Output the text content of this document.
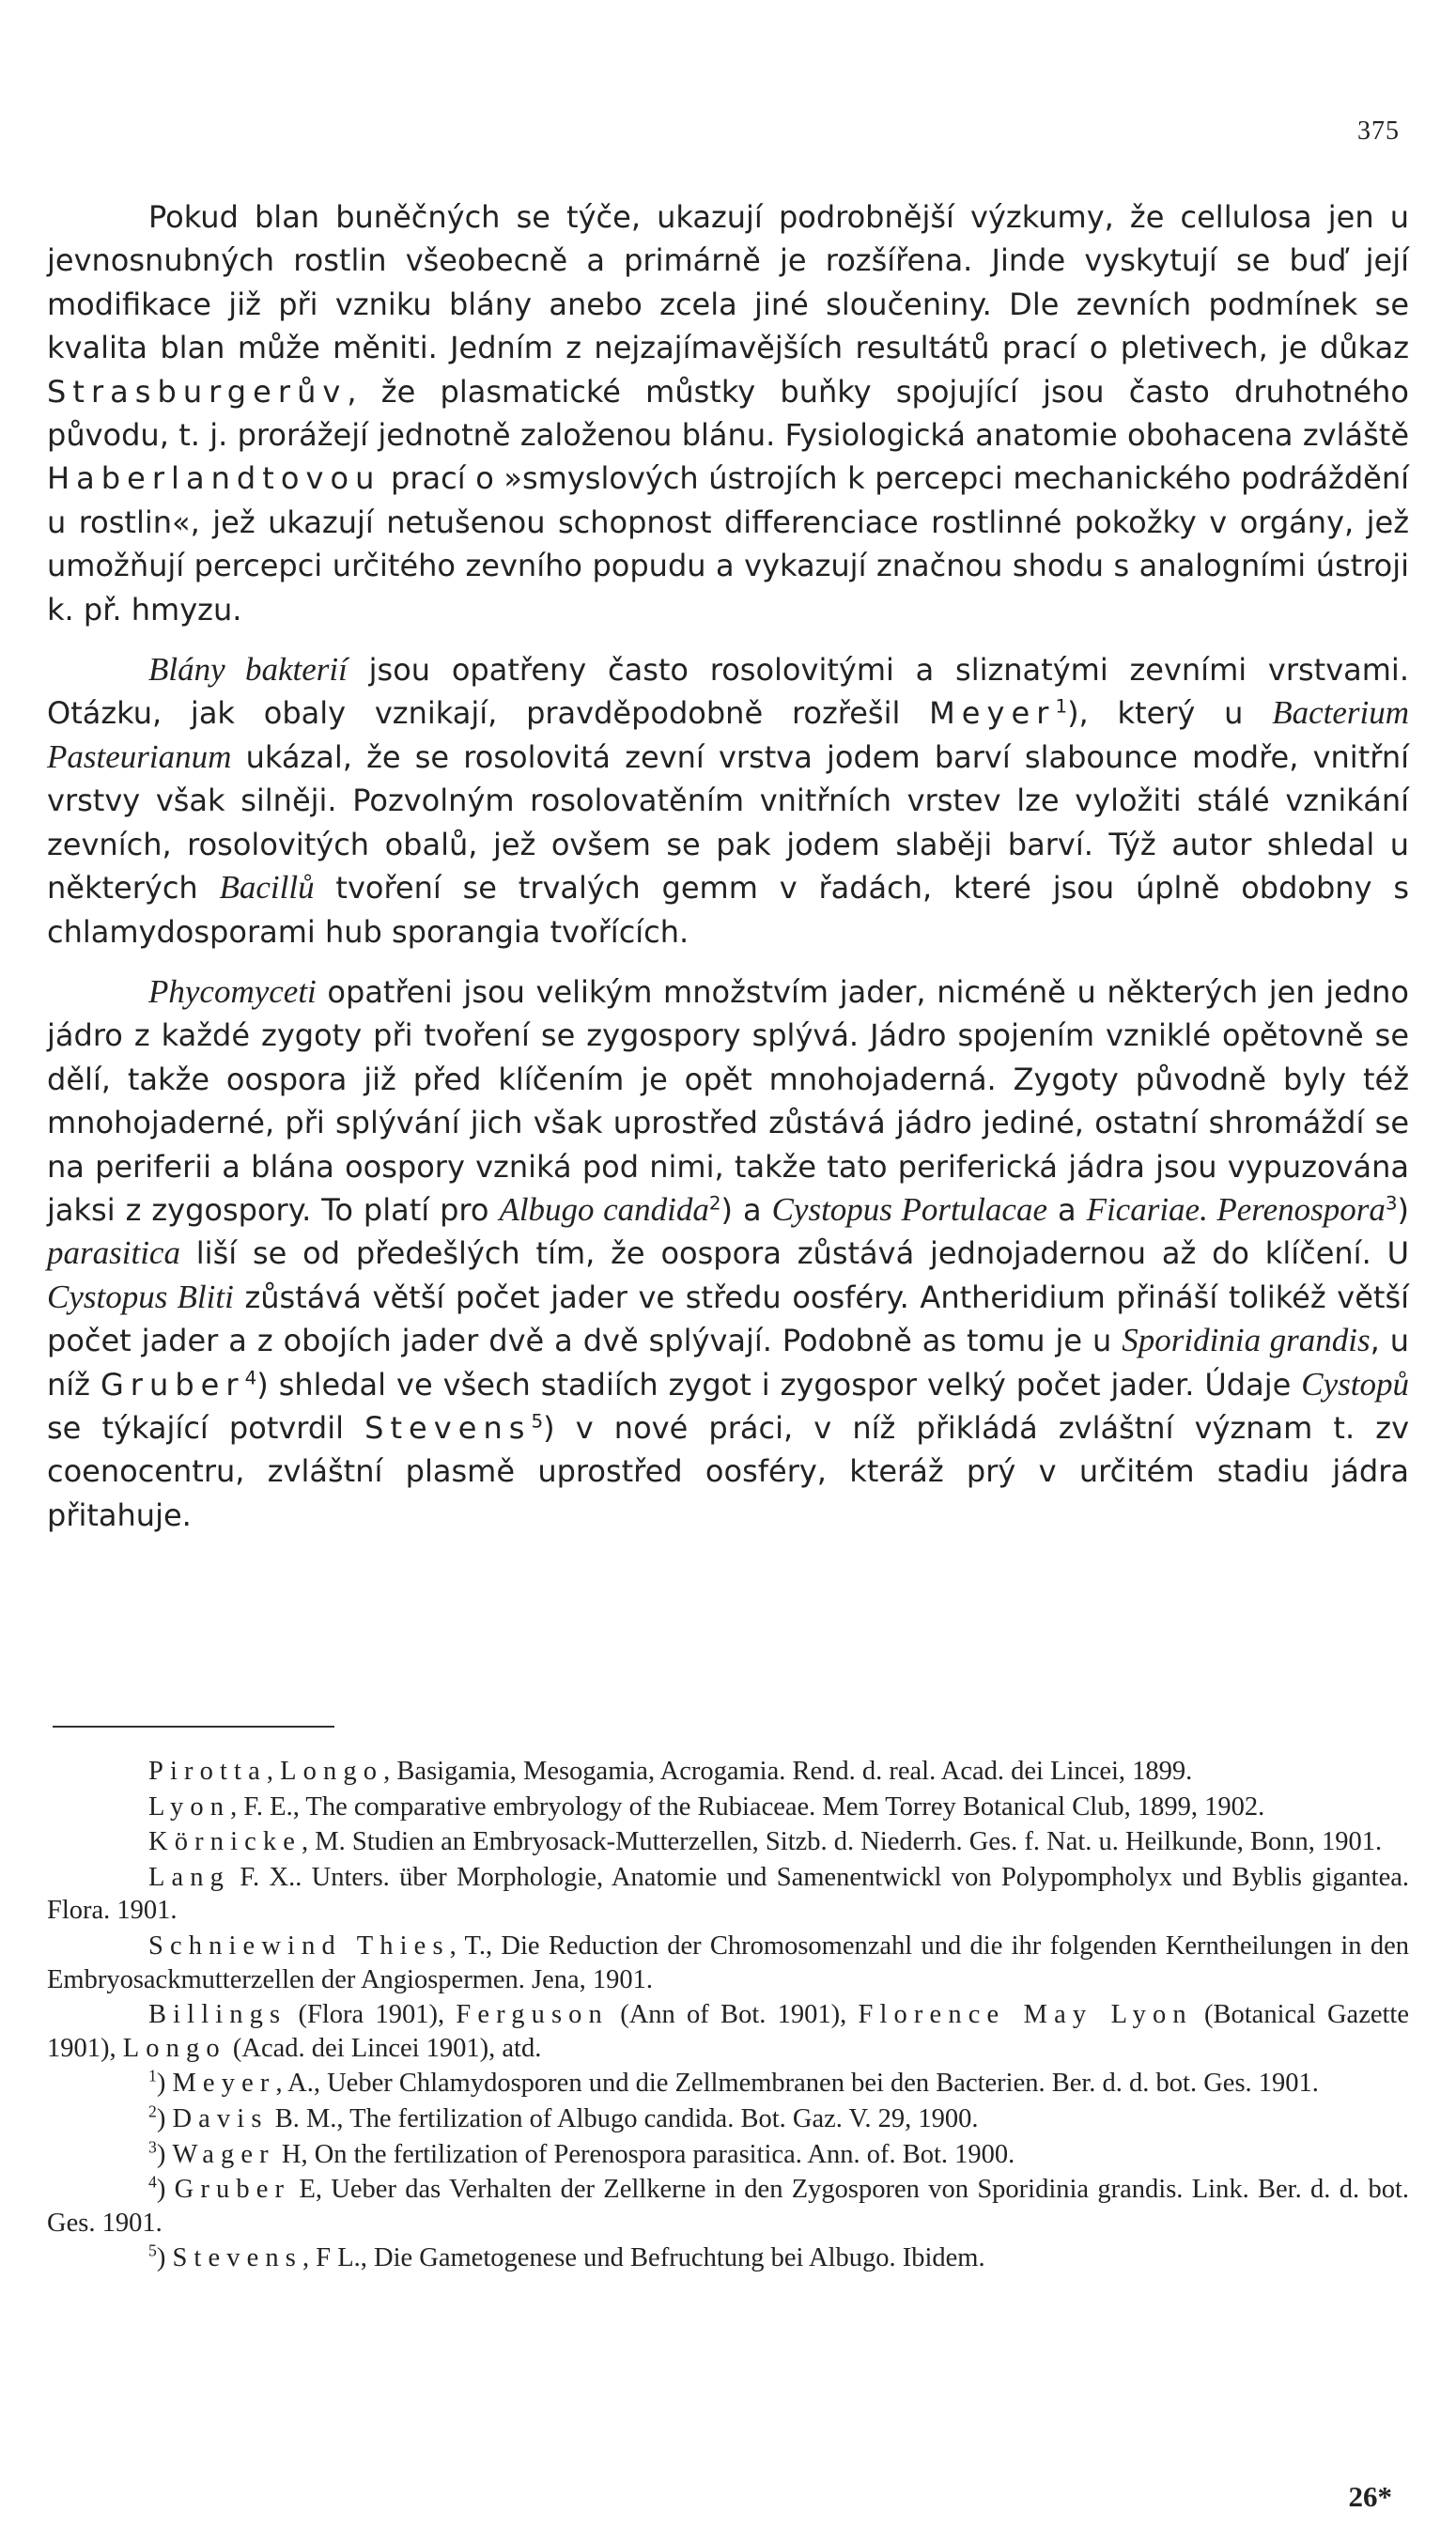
375

Pokud blan buněčných se týče, ukazují podrobnější výzkumy, že cellulosa jen u jevnosnubných rostlin všeobecně a primárně je rozšířena. Jinde vyskytují se buď její modifikace již při vzniku blány anebo zcela jiné sloučeniny. Dle zevních podmínek se kvalita blan může měniti. Jedním z nejzajímavějších resultátů prací o pletivech, je důkaz Strasburgerův, že plasmatické můstky buňky spojující jsou často druhotného původu, t. j. prorážejí jednotně založenou blánu. Fysiologická anatomie obohacena zvláště Haberlandtovou prací o »smyslových ústrojích k percepci mechanického podráždění u rostlin«, jež ukazují netušenou schopnost differenciace rostlinné pokožky v orgány, jež umožňují percepci určitého zevního popudu a vykazují značnou shodu s analogními ústroji k. př. hmyzu.

Blány bakterií jsou opatřeny často rosolovitými a sliznatými zevními vrstvami. Otázku, jak obaly vznikají, pravděpodobně rozřešil Meyer$^1$), který u Bacterium Pasteurianum ukázal, že se rosolovitá zevní vrstva jodem barví slabounce modře, vnitřní vrstvy však silněji. Pozvolným rosolovatěním vnitřních vrstev lze vyložiti stálé vznikání zevních, rosolovitých obalů, jež ovšem se pak jodem slaběji barví. Týž autor shledal u některých Bacillů tvoření se trvalých gemm v řadách, které jsou úplně obdobny s chlamydosporami hub sporangia tvořících.

Phycomyceti opatřeni jsou velikým množstvím jader, nicméně u některých jen jedno jádro z každé zygoty při tvoření se zygospory splývá. Jádro spojením vzniklé opětovně se dělí, takže oospora již před klíčením je opět mnohojaderná. Zygoty původně byly též mnohojaderné, při splývání jich však uprostřed zůstává jádro jediné, ostatní shromáždí se na periferii a blána oospory vzniká pod nimi, takže tato periferická jádra jsou vypuzována jaksi z zygospory. To platí pro Albugo candida$^2$) a Cystopus Portulacae a Ficariae. Perenospora$^3$) parasitica liší se od předešlých tím, že oospora zůstává jednojadernou až do klíčení. U Cystopus Bliti zůstává větší počet jader ve středu oosféry. Antheridium přináší tolikéž větší počet jader a z obojích jader dvě a dvě splývají. Podobně as tomu je u Sporidinia grandis, u níž Gruber$^4$) shledal ve všech stadiích zygot i zygospor velký počet jader. Údaje Cystopů se týkající potvrdil Stevens$^5$) v nové práci, v níž přikládá zvláštní význam t. zv coenocentru, zvláštní plasmě uprostřed oosféry, kteráž prý v určitém stadiu jádra přitahuje.

Pirotta, Longo, Basigamia, Mesogamia, Acrogamia. Rend. d. real. Acad. dei Lincei, 1899.

Lyon, F. E., The comparative embryology of the Rubiaceae. Mem Torrey Botanical Club, 1899, 1902.

Körnicke, M. Studien an Embryosack-Mutterzellen, Sitzb. d. Niederrh. Ges. f. Nat. u. Heilkunde, Bonn, 1901.

Lang F. X.. Unters. über Morphologie, Anatomie und Samenentwickl von Polypompholyx und Byblis gigantea. Flora. 1901.

Schniewind Thies, T., Die Reduction der Chromosomenzahl und die ihr folgenden Kerntheilungen in den Embryosackmutterzellen der Angiospermen. Jena, 1901.

Billings (Flora 1901), Ferguson (Ann of Bot. 1901), Florence May Lyon (Botanical Gazette 1901), Longo (Acad. dei Lincei 1901), atd.

$^1$) Meyer, A., Ueber Chlamydosporen und die Zellmembranen bei den Bacterien. Ber. d. d. bot. Ges. 1901.

$^2$) Davis B. M., The fertilization of Albugo candida. Bot. Gaz. V. 29, 1900.

$^3$) Wager H, On the fertilization of Perenospora parasitica. Ann. of. Bot. 1900.

$^4$) Gruber E, Ueber das Verhalten der Zellkerne in den Zygosporen von Sporidinia grandis. Link. Ber. d. d. bot. Ges. 1901.

$^5$) Stevens, F L., Die Gametogenese und Befruchtung bei Albugo. Ibidem.

26*
